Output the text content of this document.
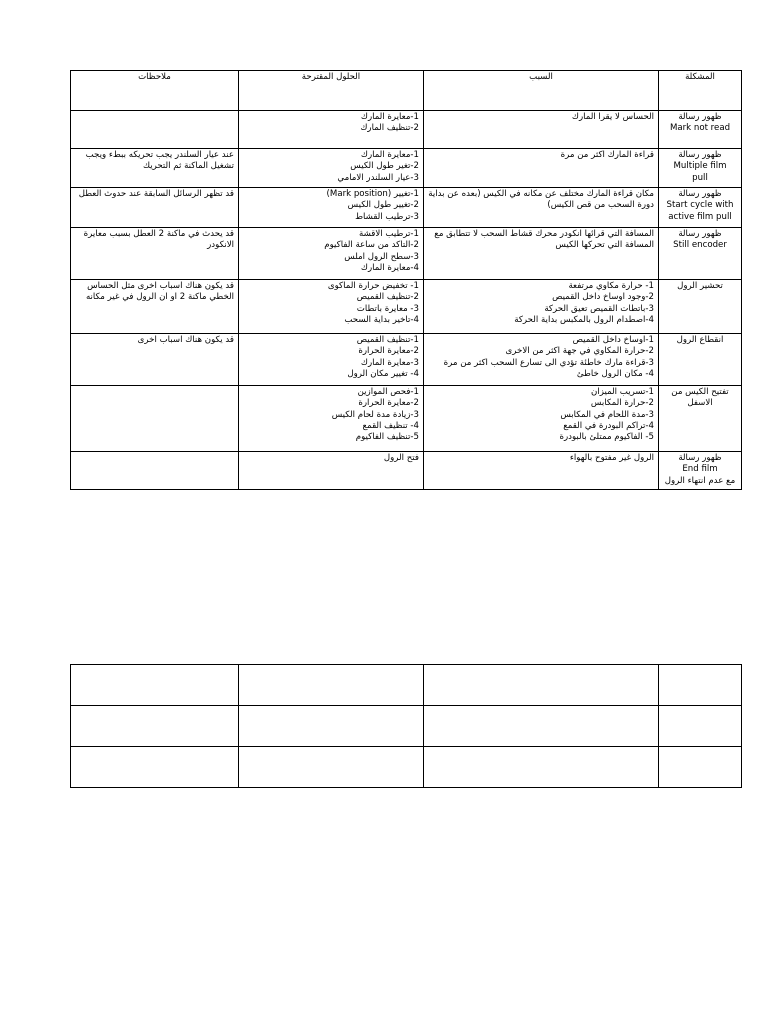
ملاحظات	الحلول المقترحة	السبب	المشكلة

	1-معايرة المارك
2-تنظيف المارك	الحساس لا يقرا المارك	ظهور رسالة
Mark not read

عند عيار السلندر يجب تحريكه ببطء ويجب
تشغيل الماكنة ثم التحريك	1-معايرة المارك
2-تغير طول الكيس
3-عيار السلندر الامامي	قراءة المارك اكثر من مرة	ظهور رسالة
Multiple film
pull

قد تظهر الرسائل السابقة عند حدوث العطل	1-تغيير (Mark position)
2-تغيير طول الكيس
3-ترطيب القشاط	مكان قراءة المارك مختلف عن مكانه في الكيس (بعده عن بداية
دورة السحب من قص الكيس)	ظهور رسالة
Start cycle with
active film pull

قد يحدث في ماكنة 2 العطل بسبب معايرة
الانكودر	1-ترطيب الاقشة
2-التاكد من ساعة الفاكيوم
3-سطح الرول املس
4-معايرة المارك	المسافة التي قرائها انكودر محرك قشاط السحب لا تتطابق مع
المسافة التي تحركها الكيس	ظهور رسالة
Still encoder

قد يكون هناك اسباب اخرى مثل الحساس
الخطي ماكنة 2 او ان الرول في غير مكانه	1- تخفيض حرارة الماكوى
2-تنظيف القميص
3- معايرة باتطات
4-تاخير بداية السحب	1- حرارة مكاوي مرتفعة
2-وجود اوساخ داخل القميص
3-باتطات القميص تعيق الحركة
4-اصطدام الرول بالمكبس بداية الحركة	تحشير الرول

قد يكون هناك اسباب اخرى	1-تنظيف القميص
2-معايرة الحرارة
3-معايرة المارك
4- تغيير مكان الرول	1-اوساخ داخل القميص
2-حرارة المكاوي في جهة اكثر من الاخرى
3-قراءة مارك خاطئة تؤدي الى تسارع السحب اكثر من مرة
4- مكان الرول خاطئ	انقطاع الرول

	1-فحص الموازين
2-معايرة الحرارة
3-زيادة مدة لحام الكيس
4- تنظيف القمع
5-تنظيف الفاكيوم	1-تسريب الميزان
2-حرارة المكابس
3-مدة اللحام في المكابس
4-تراكم البودرة في القمع
5- الفاكيوم ممتلئ بالبودرة	تفتيح الكيس من
الاسفل

	فتح الرول	الرول غير مفتوح بالهواء	ظهور رسالة
End film
مع عدم انتهاء الرول
